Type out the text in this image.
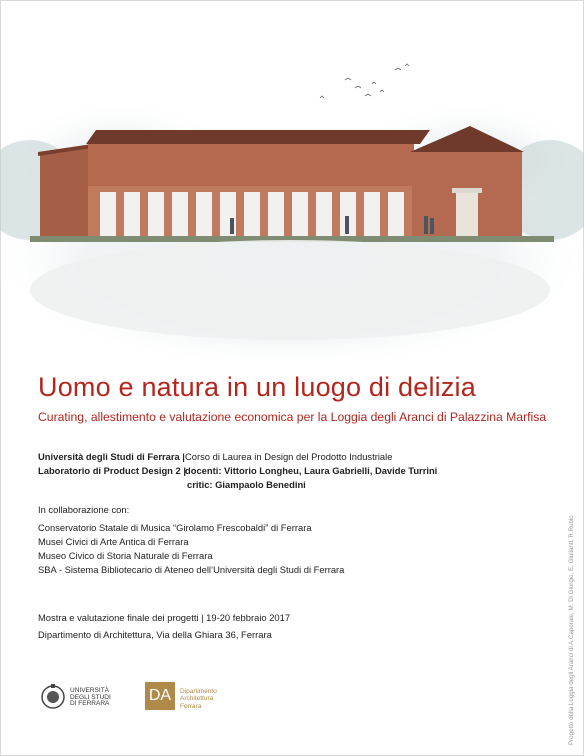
Uomo e natura in un luogo di delizia
Curating, allestimento e valutazione economica per la Loggia degli Aranci di Palazzina Marfisa
Università degli Studi di Ferrara | Corso di Laurea in Design del Prodotto Industriale
Laboratorio di Product Design 2 | docenti: Vittorio Longheu, Laura Gabrielli, Davide Turrini
critic: Giampaolo Benedini
In collaborazione con:
Conservatorio Statale di Musica “Girolamo Frescobaldi” di Ferrara
Musei Civici di Arte Antica di Ferrara
Museo Civico di Storia Naturale di Ferrara
SBA - Sistema Bibliotecario di Ateneo dell’Università degli Studi di Ferrara
Mostra e valutazione finale dei progetti | 19-20 febbraio 2017
Dipartimento di Architettura, Via della Ghiara 36, Ferrara
UNIVERSITÀ
DEGLI STUDI
DI FERRARA DA	Dipartimento
Architettura
Ferrara	Progetto della Loggia degli Aranci di A.Caporale, M. Di Giorgio, E. Giulianti, R.Rubio
